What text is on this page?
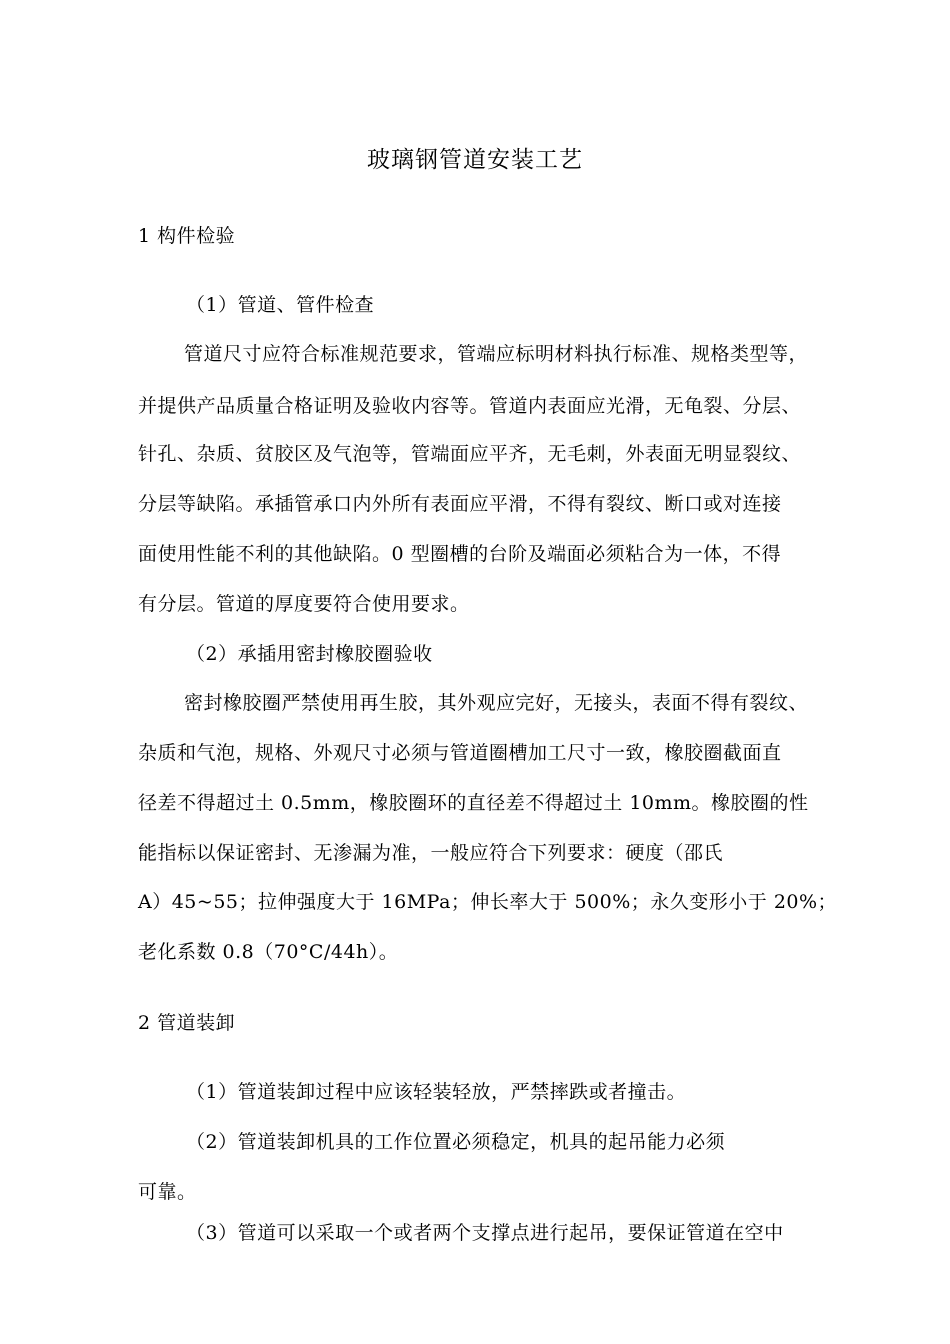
玻璃钢管道安装工艺
1 构件检验
（1）管道、管件检查
管道尺寸应符合标准规范要求，管端应标明材料执行标准、规格类型等，
并提供产品质量合格证明及验收内容等。管道内表面应光滑，无龟裂、分层、
针孔、杂质、贫胶区及气泡等，管端面应平齐，无毛刺，外表面无明显裂纹、
分层等缺陷。承插管承口内外所有表面应平滑，不得有裂纹、断口或对连接
面使用性能不利的其他缺陷。0 型圈槽的台阶及端面必须粘合为一体，不得
有分层。管道的厚度要符合使用要求。
（2）承插用密封橡胶圈验收
密封橡胶圈严禁使用再生胶，其外观应完好，无接头，表面不得有裂纹、
杂质和气泡，规格、外观尺寸必须与管道圈槽加工尺寸一致，橡胶圈截面直
径差不得超过土 0.5mm，橡胶圈环的直径差不得超过土 10mm。橡胶圈的性
能指标以保证密封、无渗漏为准，一般应符合下列要求：硬度（邵氏
A）45~55；拉伸强度大于 16MPa；伸长率大于 500%；永久变形小于 20%；
老化系数 0.8（70°C/44h）。
2 管道装卸
（1）管道装卸过程中应该轻装轻放，严禁摔跌或者撞击。
（2）管道装卸机具的工作位置必须稳定，机具的起吊能力必须
可靠。
（3）管道可以采取一个或者两个支撑点进行起吊，要保证管道在空中
